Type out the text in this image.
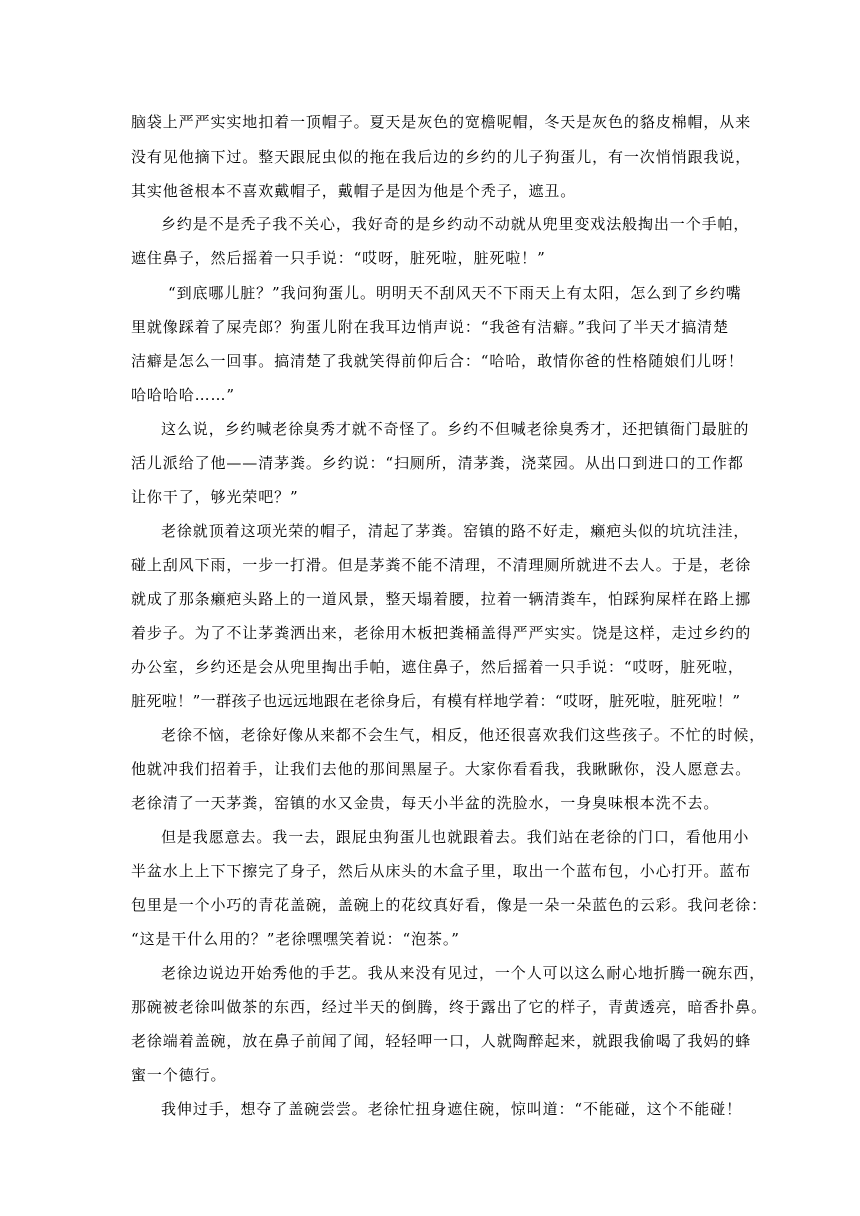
脑袋上严严实实地扣着一顶帽子。夏天是灰色的宽檐呢帽，冬天是灰色的貉皮棉帽，从来
没有见他摘下过。整天跟屁虫似的拖在我后边的乡约的儿子狗蛋儿，有一次悄悄跟我说，
其实他爸根本不喜欢戴帽子，戴帽子是因为他是个秃子，遮丑。
乡约是不是秃子我不关心，我好奇的是乡约动不动就从兜里变戏法般掏出一个手帕，
遮住鼻子，然后摇着一只手说：“哎呀，脏死啦，脏死啦！”
“到底哪儿脏？”我问狗蛋儿。明明天不刮风天不下雨天上有太阳，怎么到了乡约嘴
里就像踩着了屎壳郎？狗蛋儿附在我耳边悄声说：“我爸有洁癖。”我问了半天才搞清楚
洁癖是怎么一回事。搞清楚了我就笑得前仰后合：“哈哈，敢情你爸的性格随娘们儿呀！
哈哈哈哈……”
这么说，乡约喊老徐臭秀才就不奇怪了。乡约不但喊老徐臭秀才，还把镇衙门最脏的
活儿派给了他——清茅粪。乡约说：“扫厕所，清茅粪，浇菜园。从出口到进口的工作都
让你干了，够光荣吧？”
老徐就顶着这项光荣的帽子，清起了茅粪。窑镇的路不好走，癞疤头似的坑坑洼洼，
碰上刮风下雨，一步一打滑。但是茅粪不能不清理，不清理厕所就进不去人。于是，老徐
就成了那条癞疤头路上的一道风景，整天塌着腰，拉着一辆清粪车，怕踩狗屎样在路上挪
着步子。为了不让茅粪洒出来，老徐用木板把粪桶盖得严严实实。饶是这样，走过乡约的
办公室，乡约还是会从兜里掏出手帕，遮住鼻子，然后摇着一只手说：“哎呀，脏死啦，
脏死啦！”一群孩子也远远地跟在老徐身后，有模有样地学着：“哎呀，脏死啦，脏死啦！”
老徐不恼，老徐好像从来都不会生气，相反，他还很喜欢我们这些孩子。不忙的时候，
他就冲我们招着手，让我们去他的那间黑屋子。大家你看看我，我瞅瞅你，没人愿意去。
老徐清了一天茅粪，窑镇的水又金贵，每天小半盆的洗脸水，一身臭味根本洗不去。
但是我愿意去。我一去，跟屁虫狗蛋儿也就跟着去。我们站在老徐的门口，看他用小
半盆水上上下下擦完了身子，然后从床头的木盒子里，取出一个蓝布包，小心打开。蓝布
包里是一个小巧的青花盖碗，盖碗上的花纹真好看，像是一朵一朵蓝色的云彩。我问老徐：
“这是干什么用的？”老徐嘿嘿笑着说：“泡茶。”
老徐边说边开始秀他的手艺。我从来没有见过，一个人可以这么耐心地折腾一碗东西，
那碗被老徐叫做茶的东西，经过半天的倒腾，终于露出了它的样子，青黄透亮，暗香扑鼻。
老徐端着盖碗，放在鼻子前闻了闻，轻轻呷一口，人就陶醉起来，就跟我偷喝了我妈的蜂
蜜一个德行。
我伸过手，想夺了盖碗尝尝。老徐忙扭身遮住碗，惊叫道：“不能碰，这个不能碰！
